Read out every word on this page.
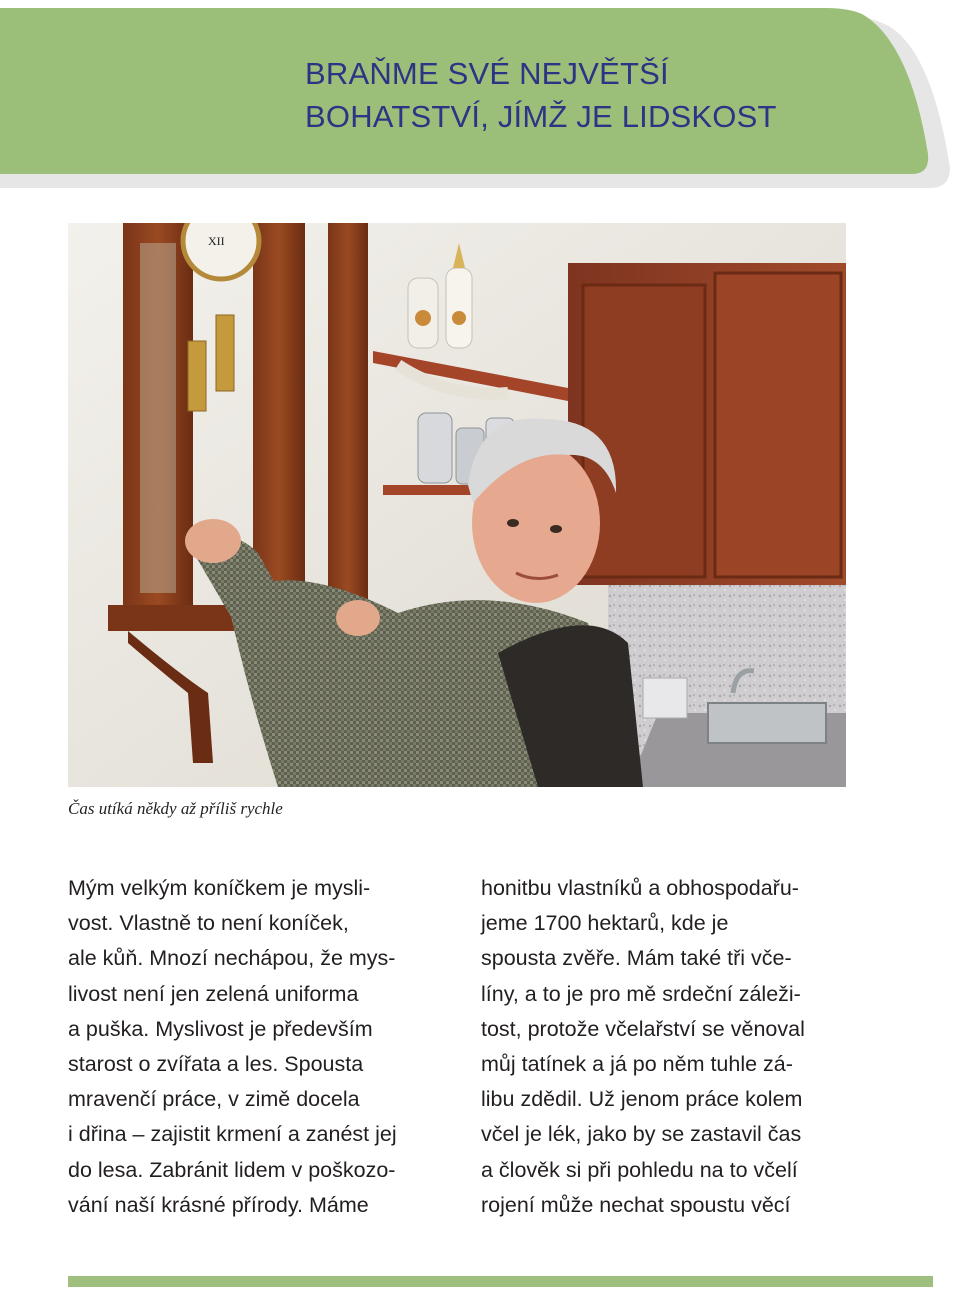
BRAŇME SVÉ NEJVĚTŠÍ
BOHATSTVÍ, JÍMŽ JE LIDSKOST
XII
Čas utíká někdy až příliš rychle
Mým velkým koníčkem je mysli-
vost. Vlastně to není koníček,
ale kůň. Mnozí nechápou, že mys-
livost není jen zelená uniforma
a puška. Myslivost je především
starost o zvířata a les. Spousta
mravenčí práce, v zimě docela
i dřina – zajistit krmení a zanést jej
do lesa. Zabránit lidem v poškozo-
vání naší krásné přírody. Máme
honitbu vlastníků a obhospodařu-
jeme 1700 hektarů, kde je
spousta zvěře. Mám také tři vče-
líny, a to je pro mě srdeční záleži-
tost, protože včelařství se věnoval
můj tatínek a já po něm tuhle zá-
libu zdědil. Už jenom práce kolem
včel je lék, jako by se zastavil čas
a člověk si při pohledu na to včelí
rojení může nechat spoustu věcí
